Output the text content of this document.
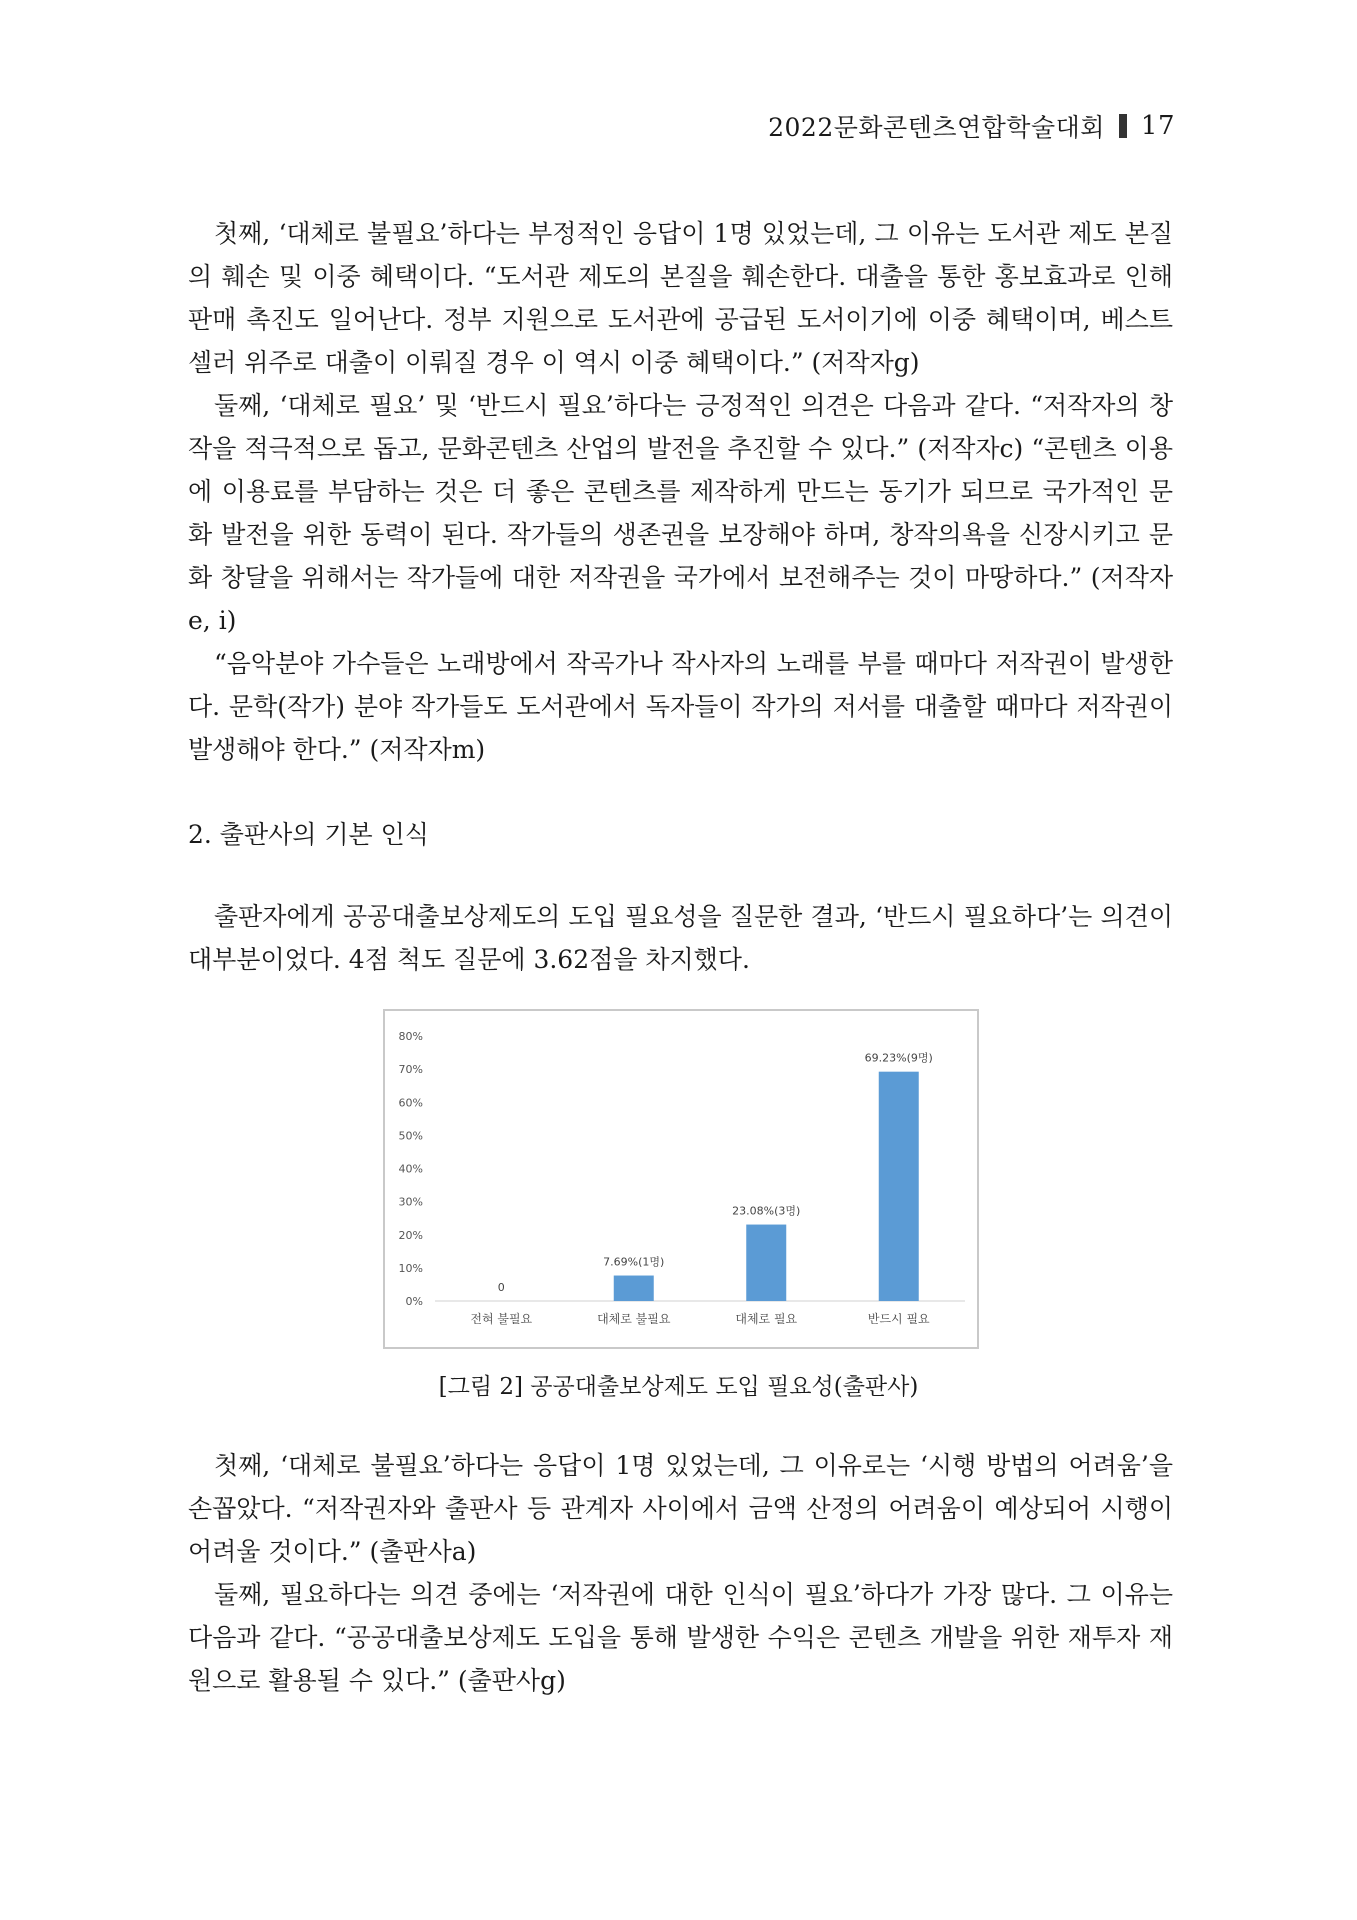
2022문화콘텐츠연합학술대회 17

첫째, ‘대체로 불필요’하다는 부정적인 응답이 1명 있었는데, 그 이유는 도서관 제도 본질의 훼손 및 이중 혜택이다. “도서관 제도의 본질을 훼손한다. 대출을 통한 홍보효과로 인해 판매 촉진도 일어난다. 정부 지원으로 도서관에 공급된 도서이기에 이중 혜택이며, 베스트셀러 위주로 대출이 이뤄질 경우 이 역시 이중 혜택이다.” (저작자g)

둘째, ‘대체로 필요’ 및 ‘반드시 필요’하다는 긍정적인 의견은 다음과 같다. “저작자의 창작을 적극적으로 돕고, 문화콘텐츠 산업의 발전을 추진할 수 있다.” (저작자c) “콘텐츠 이용에 이용료를 부담하는 것은 더 좋은 콘텐츠를 제작하게 만드는 동기가 되므로 국가적인 문화 발전을 위한 동력이 된다. 작가들의 생존권을 보장해야 하며, 창작의욕을 신장시키고 문화 창달을 위해서는 작가들에 대한 저작권을 국가에서 보전해주는 것이 마땅하다.” (저작자e, i)

“음악분야 가수들은 노래방에서 작곡가나 작사자의 노래를 부를 때마다 저작권이 발생한다. 문학(작가) 분야 작가들도 도서관에서 독자들이 작가의 저서를 대출할 때마다 저작권이 발생해야 한다.” (저작자m)

2. 출판사의 기본 인식

출판자에게 공공대출보상제도의 도입 필요성을 질문한 결과, ‘반드시 필요하다’는 의견이 대부분이었다. 4점 척도 질문에 3.62점을 차지했다.

0%
10%
20%
30%
40%
50%
60%
70%
80%
0
전혀 불필요
7.69%(1명)
대체로 불필요
23.08%(3명)
대체로 필요
69.23%(9명)
반드시 필요
[그림 2] 공공대출보상제도 도입 필요성(출판사)

첫째, ‘대체로 불필요’하다는 응답이 1명 있었는데, 그 이유로는 ‘시행 방법의 어려움’을 손꼽았다. “저작권자와 출판사 등 관계자 사이에서 금액 산정의 어려움이 예상되어 시행이 어려울 것이다.” (출판사a)

둘째, 필요하다는 의견 중에는 ‘저작권에 대한 인식이 필요’하다가 가장 많다. 그 이유는 다음과 같다. “공공대출보상제도 도입을 통해 발생한 수익은 콘텐츠 개발을 위한 재투자 재원으로 활용될 수 있다.” (출판사g)
